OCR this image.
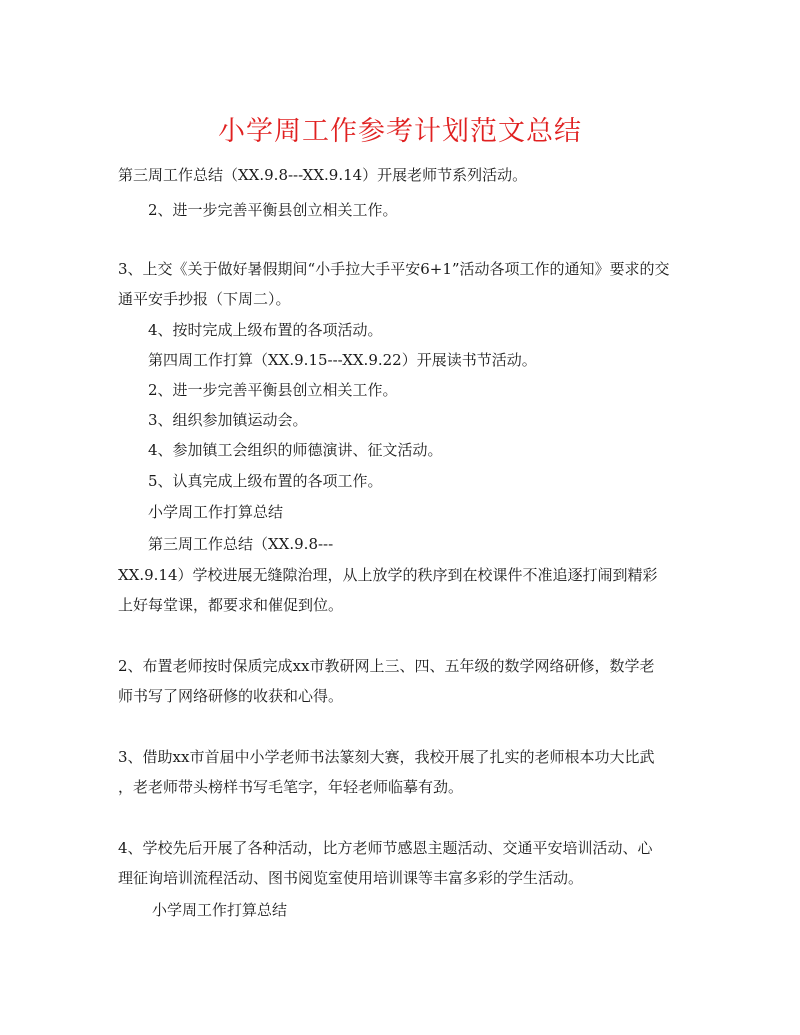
小学周工作参考计划范文总结
第三周工作总结（XX.9.8---XX.9.14）开展老师节系列活动。
2、进一步完善平衡县创立相关工作。
3、上交《关于做好暑假期间“小手拉大手平安6+1”活动各项工作的通知》要求的交
通平安手抄报（下周二）。
4、按时完成上级布置的各项活动。
第四周工作打算（XX.9.15---XX.9.22）开展读书节活动。
2、进一步完善平衡县创立相关工作。
3、组织参加镇运动会。
4、参加镇工会组织的师德演讲、征文活动。
5、认真完成上级布置的各项工作。
小学周工作打算总结
第三周工作总结（XX.9.8---
XX.9.14）学校进展无缝隙治理，从上放学的秩序到在校课件不准追逐打闹到精彩
上好每堂课，都要求和催促到位。
2、布置老师按时保质完成xx市教研网上三、四、五年级的数学网络研修，数学老
师书写了网络研修的收获和心得。
3、借助xx市首届中小学老师书法篆刻大赛，我校开展了扎实的老师根本功大比武
，老老师带头榜样书写毛笔字，年轻老师临摹有劲。
4、学校先后开展了各种活动，比方老师节感恩主题活动、交通平安培训活动、心
理征询培训流程活动、图书阅览室使用培训课等丰富多彩的学生活动。
小学周工作打算总结
